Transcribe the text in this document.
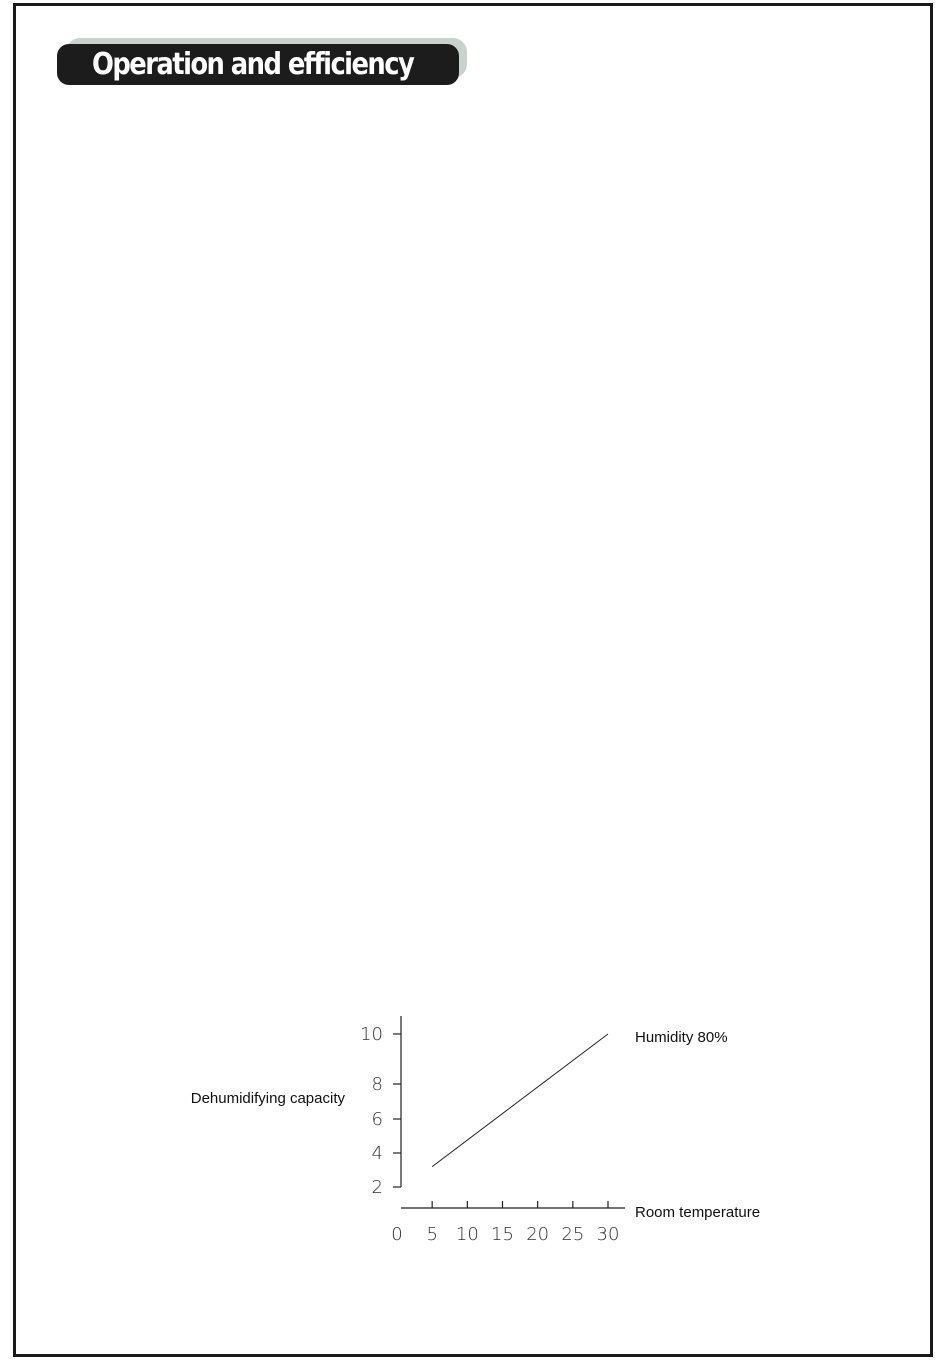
Operation and efficiency
2
4
6
8
10
0 5 10 15 20 25 30
Dehumidifying capacity
Room temperature
Humidity 80%
